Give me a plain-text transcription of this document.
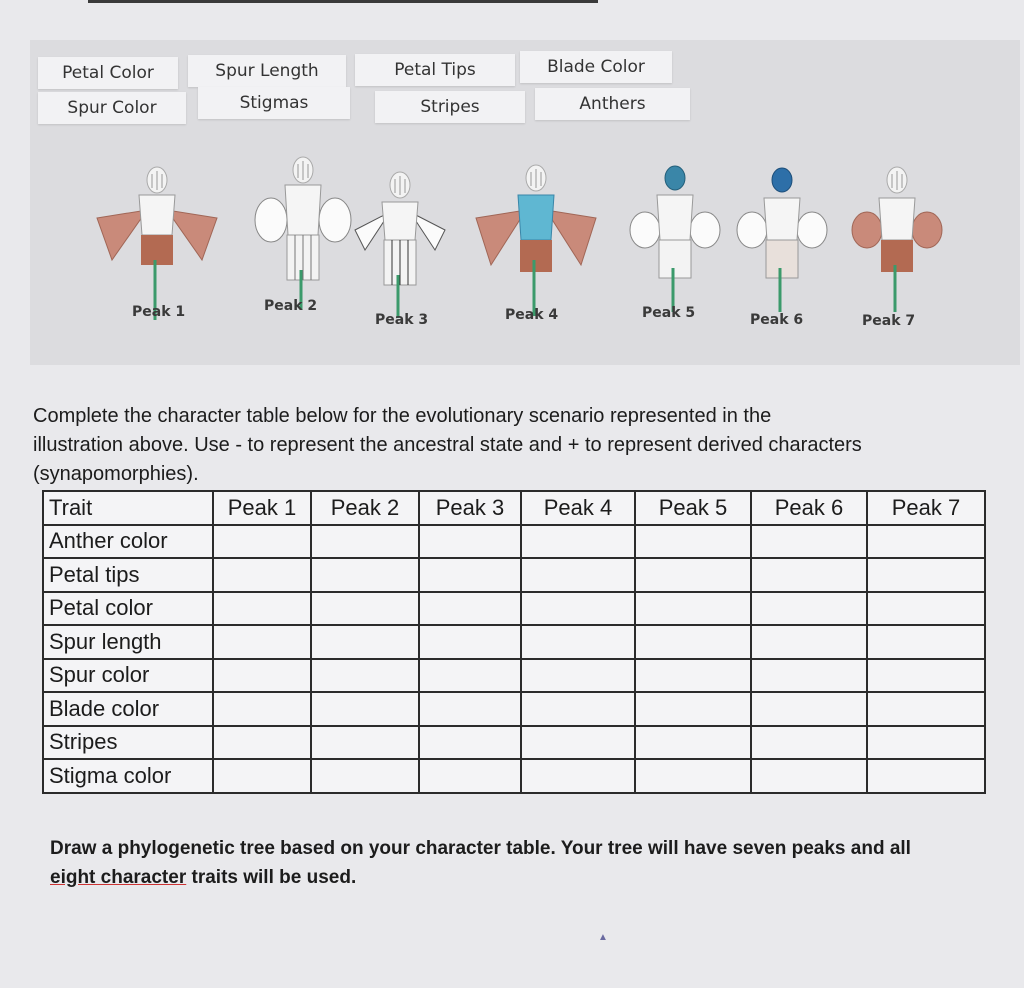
Petal Color
Spur Color
Spur Length
Stigmas
Petal Tips
Stripes
Blade Color
Anthers
Peak 1	Peak 2
Peak 3	Peak 4	Peak 5	Peak 6	Peak 7
Complete the character table below for the evolutionary scenario represented in the
illustration above. Use - to represent the ancestral state and + to represent derived characters
(synapomorphies).
Trait	Peak 1	Peak 2	Peak 3	Peak 4	Peak 5	Peak 6	Peak 7
Anther color							
Petal tips							
Petal color							
Spur length							
Spur color							
Blade color							
Stripes							
Stigma color							
Draw a phylogenetic tree based on your character table. Your tree will have seven peaks and all
eight character traits will be used.
▲
